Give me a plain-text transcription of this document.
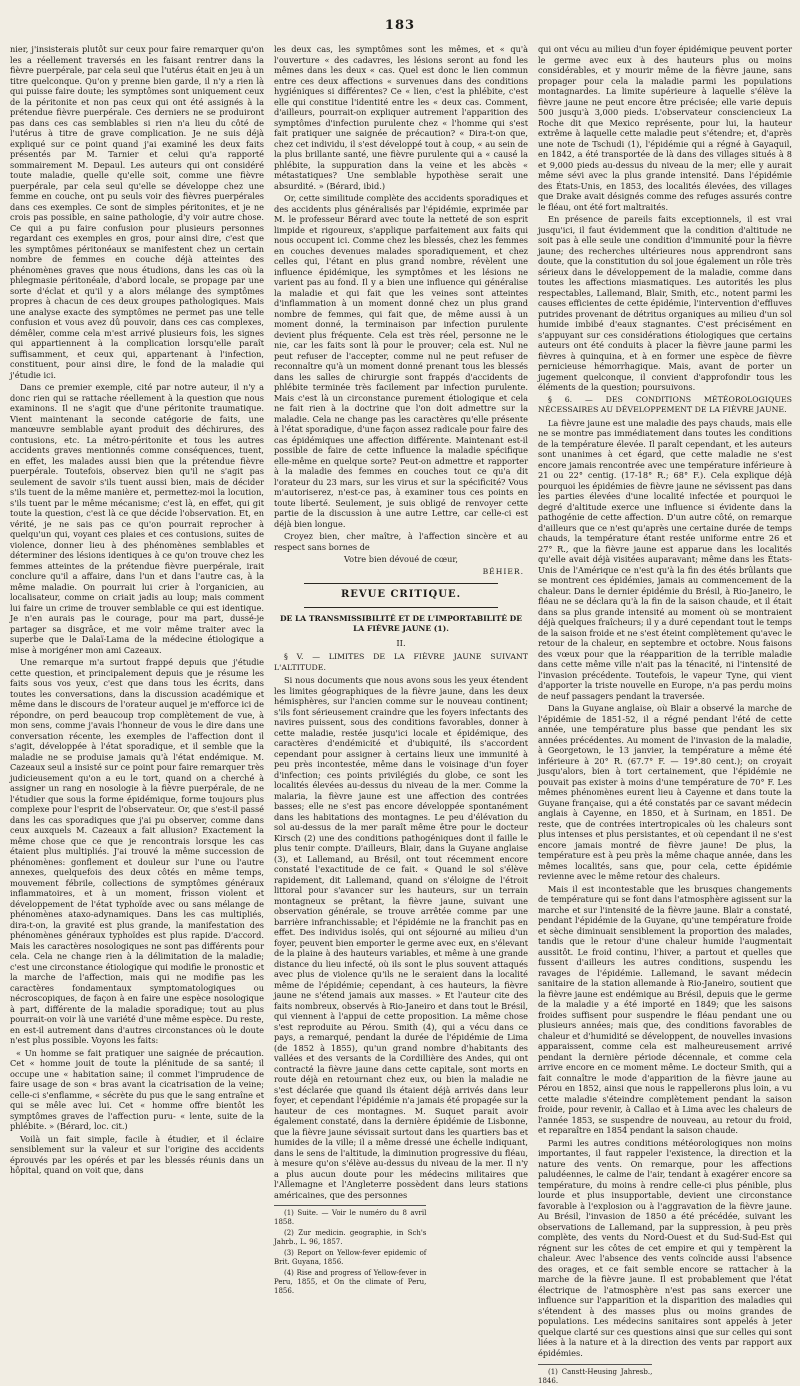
183

nier, j'insisterais plutôt sur ceux pour faire remarquer qu'on les a réellement traversés en les faisant rentrer dans la fièvre puerpérale, par cela seul que l'utérus était en jeu à un titre quelconque. Qu'on y prenne bien garde, il n'y a rien là qui puisse faire doute; les symptômes sont uniquement ceux de la péritonite et non pas ceux qui ont été assignés à la prétendue fièvre puerpérale. Ces derniers ne se produiront pas dans ces cas semblables si rien n'a lieu du côté de l'utérus à titre de grave complication. Je ne suis déjà expliqué sur ce point quand j'ai examiné les deux faits présentés par M. Tarnier et celui qu'a rapporté sommairement M. Depaul. Les auteurs qui ont considéré toute maladie, quelle qu'elle soit, comme une fièvre puerpérale, par cela seul qu'elle se développe chez une femme en couche, ont pu seuls voir des fièvres puerpérales dans ces exemples. Ce sont de simples péritonites, et je ne crois pas possible, en saine pathologie, d'y voir autre chose. Ce qui a pu faire confusion pour plusieurs personnes regardant ces exemples en gros, pour ainsi dire, c'est que les symptômes péritonéaux se manifestent chez un certain nombre de femmes en couche déjà atteintes des phénomènes graves que nous étudions, dans les cas où la phlegmasie péritonéale, d'abord locale, se propage par une sorte d'éclat et qu'il y a alors mélange des symptômes propres à chacun de ces deux groupes pathologiques. Mais une analyse exacte des symptômes ne permet pas une telle confusion et vous avez dû pouvoir, dans ces cas complexes, démêler, comme cela m'est arrivé plusieurs fois, les signes qui appartiennent à la complication lorsqu'elle paraît suffisamment, et ceux qui, appartenant à l'infection, constituent, pour ainsi dire, le fond de la maladie qui j'étudie ici.

Dans ce premier exemple, cité par notre auteur, il n'y a donc rien qui se rattache réellement à la question que nous examinons. Il ne s'agit que d'une péritonite traumatique. Vient maintenant la seconde catégorie de faits, une manœuvre semblable ayant produit des déchirures, des contusions, etc. La métro-péritonite et tous les autres accidents graves mentionnés comme conséquences, tuent, en effet, les malades aussi bien que la prétendue fièvre puerpérale. Toutefois, observez bien qu'il ne s'agit pas seulement de savoir s'ils tuent aussi bien, mais de décider s'ils tuent de la même manière et, permettez-moi la locution, s'ils tuent par le même mécanisme; c'est là, en effet, qui git toute la question, c'est là ce que décide l'observation. Et, en vérité, je ne sais pas ce qu'on pourrait reprocher à quelqu'un qui, voyant ces plaies et ces contusions, suites de violence, donner lieu à des phénomènes semblables et déterminer des lésions identiques à ce qu'on trouve chez les femmes atteintes de la prétendue fièvre puerpérale, irait conclure qu'il a affaire, dans l'un et dans l'autre cas, à la même maladie. On pourrait lui crier à l'organicien, au localisateur, comme on criait jadis au loup; mais comment lui faire un crime de trouver semblable ce qui est identique. Je n'en aurais pas le courage, pour ma part, dussé-je partager sa disgrâce, et me voir même traiter avec la superbe que le Dalaï-Lama de la médecine étiologique a mise à morigéner mon ami Cazeaux.

Une remarque m'a surtout frappé depuis que j'étudie cette question, et principalement depuis que je résume les faits sous vos yeux, c'est que dans tous les écrits, dans toutes les conversations, dans la discussion académique et même dans le discours de l'orateur auquel je m'efforce ici de répondre, on perd beaucoup trop complètement de vue, à mon sens, comme j'avais l'honneur de vous le dire dans une conversation récente, les exemples de l'affection dont il s'agit, développée à l'état sporadique, et il semble que la maladie ne se produise jamais qu'à l'état endémique. M. Cazeaux seul a insisté sur ce point pour faire remarquer très judicieusement qu'on a eu le tort, quand on a cherché à assigner un rang en nosologie à la fièvre puerpérale, de ne l'étudier que sous la forme épidémique, forme toujours plus complexe pour l'esprit de l'observateur. Or, que s'est-il passé dans les cas sporadiques que j'ai pu observer, comme dans ceux auxquels M. Cazeaux a fait allusion? Exactement la même chose que ce que je rencontrais lorsque les cas étaient plus multipliés. J'ai trouvé la même succession de phénomènes: gonflement et douleur sur l'une ou l'autre annexes, quelquefois des deux côtés en même temps, mouvement fébrile, collections de symptômes généraux inflammatoires, et à un moment, frisson violent et développement de l'état typhoïde avec ou sans mélange de phénomènes ataxo-adynamiques. Dans les cas multipliés, dira-t-on, la gravité est plus grande, la manifestation des phénomènes généraux typhoïdes est plus rapide. D'accord. Mais les caractères nosologiques ne sont pas différents pour cela. Cela ne change rien à la délimitation de la maladie; c'est une circonstance étiologique qui modifie le pronostic et la marche de l'affection, mais qui ne modifie pas les caractères fondamentaux symptomatologiques ou nécroscopiques, de façon à en faire une espèce nosologique à part, différente de la maladie sporadique; tout au plus pourrait-on voir là une variété d'une même espèce. Du reste, en est-il autrement dans d'autres circonstances où le doute n'est plus possible. Voyons les faits:

« Un homme se fait pratiquer une saignée de précaution. Cet « homme jouit de toute la plénitude de sa santé; il occupe une « habitation saine; il commet l'imprudence de faire usage de son « bras avant la cicatrisation de la veine; celle-ci s'enflamme, « sécrète du pus que le sang entraîne et qui se mêle avec lui. Cet « homme offre bientôt les symptômes graves de l'affection puru- « lente, suite de la phlébite. » (Bérard, loc. cit.)

Voilà un fait simple, facile à étudier, et il éclaire sensiblement sur la valeur et sur l'origine des accidents éprouvés par les opérés et par les blessés réunis dans un hôpital, quand on voit que, dans

les deux cas, les symptômes sont les mêmes, et « qu'à l'ouverture « des cadavres, les lésions seront au fond les mêmes dans les deux « cas. Quel est donc le lien commun entre ces deux affections « survenues dans des conditions hygiéniques si différentes? Ce « lien, c'est la phlébite, c'est elle qui constitue l'identité entre les « deux cas. Comment, d'ailleurs, pourrait-on expliquer autrement l'apparition des symptômes d'infection purulente chez « l'homme qui s'est fait pratiquer une saignée de précaution? « Dira-t-on que, chez cet individu, il s'est développé tout à coup, « au sein de la plus brillante santé, une fièvre purulente qui a « causé la phlébite, la suppuration dans la veine et les abcès « métastatiques? Une semblable hypothèse serait une absurdité. » (Bérard, ibid.)

Or, cette similitude complète des accidents sporadiques et des accidents plus généralisés par l'épidémie, exprimée par M. le professeur Bérard avec toute la netteté de son esprit limpide et rigoureux, s'applique parfaitement aux faits qui nous occupent ici. Comme chez les blessés, chez les femmes en couches devenues malades sporadiquement, et chez celles qui, l'étant en plus grand nombre, révèlent une influence épidémique, les symptômes et les lésions ne varient pas au fond. Il y a bien une influence qui généralise la maladie et qui fait que les veines sont atteintes d'inflammation à un moment donné chez un plus grand nombre de femmes, qui fait que, de même aussi à un moment donné, la terminaison par infection purulente devient plus fréquente. Cela est très réel, personne ne le nie, car les faits sont là pour le prouver; cela est. Nul ne peut refuser de l'accepter, comme nul ne peut refuser de reconnaître qu'à un moment donné prenant tous les blessés dans les salles de chirurgie sont frappés d'accidents de phlébite terminée très facilement par infection purulente. Mais c'est là un circonstance purement étiologique et cela ne fait rien à la doctrine que l'on doit admettre sur la maladie. Cela ne change pas les caractères qu'elle présente à l'état sporadique, d'une façon assez radicale pour faire des cas épidémiques une affection différente. Maintenant est-il possible de faire de cette influence la maladie spécifique elle-même en quelque sorte? Peut-on admettre et rapporter à la maladie des femmes en couches tout ce qu'a dit l'orateur du 23 mars, sur les virus et sur la spécificité? Vous m'autoriserez, n'est-ce pas, à examiner tous ces points en toute liberté. Seulement, je suis obligé de renvoyer cette partie de la discussion à une autre Lettre, car celle-ci est déjà bien longue.

Croyez bien, cher maître, à l'affection sincère et au respect sans bornes de

Votre bien dévoué de cœur,

BÉHIER.
REVUE CRITIQUE.
DE LA TRANSMISSIBILITÉ ET DE L'IMPORTABILITÉ DE LA FIÈVRE JAUNE (1).
II.

§ V. — LIMITES DE LA FIÈVRE JAUNE SUIVANT L'ALTITUDE.

Si nous documents que nous avons sous les yeux étendent les limites géographiques de la fièvre jaune, dans les deux hémisphères, sur l'ancien comme sur le nouveau continent; s'ils font sérieusement craindre que les foyers infectants des navires puissent, sous des conditions favorables, donner à cette maladie, restée jusqu'ici locale et épidémique, des caractères d'endémicité et d'ubiquité, ils s'accordent cependant pour assigner à certains lieux une immunité à peu près incontestée, même dans le voisinage d'un foyer d'infection; ces points privilégiés du globe, ce sont les localités élevées au-dessus du niveau de la mer. Comme la malaria, la fièvre jaune est une affection des contrées basses; elle ne s'est pas encore développée spontanément dans les habitations des montagnes. Le peu d'élévation du sol au-dessus de la mer paraît même être pour le docteur Kirsch (2) une des conditions pathogéniques dont il faille le plus tenir compte. D'ailleurs, Blair, dans la Guyane anglaise (3), et Lallemand, au Brésil, ont tout récemment encore constaté l'exactitude de ce fait. « Quand le sol s'élève rapidement, dit Lallemand, quand on s'éloigne de l'étroit littoral pour s'avancer sur les hauteurs, sur un terrain montagneux se prêtant, la fièvre jaune, suivant une observation générale, se trouve arrêtée comme par une barrière infranchissable; et l'épidémie ne la franchit pas en effet. Des individus isolés, qui ont séjourné au milieu d'un foyer, peuvent bien emporter le germe avec eux, en s'élevant de la plaine à des hauteurs variables, et même à une grande distance du lieu infecté, où ils sont le plus souvent attaqués avec plus de violence qu'ils ne le seraient dans la localité même de l'épidémie; cependant, à ces hauteurs, la fièvre jaune ne s'étend jamais aux masses. » Et l'auteur cite des faits nombreux, observés à Rio-Janeiro et dans tout le Brésil, qui viennent à l'appui de cette proposition. La même chose s'est reproduite au Pérou. Smith (4), qui a vécu dans ce pays, a remarqué, pendant la durée de l'épidémie de Lima (de 1852 à 1855), qu'un grand nombre d'habitants des vallées et des versants de la Cordillière des Andes, qui ont contracté la fièvre jaune dans cette capitale, sont morts en route déjà en retournant chez eux, ou bien la maladie ne s'est déclarée que quand ils étaient déjà arrivés dans leur foyer, et cependant l'épidémie n'a jamais été propagée sur la hauteur de ces montagnes. M. Suquet parait avoir également constaté, dans la dernière épidémie de Lisbonne, que la fièvre jaune sévissait surtout dans les quartiers bas et humides de la ville; il a même dressé une échelle indiquant, dans le sens de l'altitude, la diminution progressive du fléau, à mesure qu'on s'élève au-dessus du niveau de la mer. Il n'y a plus aucun doute pour les médecins militaires que l'Allemagne et l'Angleterre possèdent dans leurs stations américaines, que des personnes

(1) Suite. — Voir le numéro du 8 avril 1858.

(2) Zur medicin. geographie, in Sch's Jahrb., L. 96, 1857.

(3) Report on Yellow-fever epidemic of Brit. Guyana, 1856.

(4) Rise and progress of Yellow-fever in Peru, 1855, et On the climate of Peru, 1856.

qui ont vécu au milieu d'un foyer épidémique peuvent porter le germe avec eux à des hauteurs plus ou moins considérables, et y mourir même de la fièvre jaune, sans propager pour cela la maladie parmi les populations montagnardes. La limite supérieure à laquelle s'élève la fièvre jaune ne peut encore être précisée; elle varie depuis 500 jusqu'à 3,000 pieds. L'observateur consciencieux La Roche dit que Mexico représente, pour lui, la hauteur extrême à laquelle cette maladie peut s'étendre; et, d'après une note de Tschudi (1), l'épidémie qui a régné à Gayaquil, en 1842, a été transportée de là dans des villages situés à 8 et 9,000 pieds au-dessus du niveau de la mer; elle y aurait même sévi avec la plus grande intensité. Dans l'épidémie des États-Unis, en 1853, des localités élevées, des villages que Drake avait désignés comme des refuges assurés contre le fléau, ont été fort maltraités.

En présence de pareils faits exceptionnels, il est vrai jusqu'ici, il faut évidemment que la condition d'altitude ne soit pas à elle seule une condition d'immunité pour la fièvre jaune; des recherches ultérieures nous apprendront sans doute, que la constitution du sol joue également un rôle très sérieux dans le développement de la maladie, comme dans toutes les affections miasmatiques. Les autorités les plus respectables, Lallemand, Blair, Smith, etc., notent parmi les causes efficientes de cette épidémie, l'intervention d'effluves putrides provenant de détritus organiques au milieu d'un sol humide imbibé d'eaux stagnantes. C'est précisément en s'appuyant sur ces considérations étiologiques que certains auteurs ont été conduits à placer la fièvre jaune parmi les fièvres à quinquina, et à en former une espèce de fièvre pernicieuse hémorrhagique. Mais, avant de porter un jugement quelconque, il convient d'approfondir tous les éléments de la question; poursuivons.

§ 6. — DES CONDITIONS MÉTÉOROLOGIQUES NÉCESSAIRES AU DÉVELOPPEMENT DE LA FIÈVRE JAUNE.

La fièvre jaune est une maladie des pays chauds, mais elle ne se montre pas immédiatement dans toutes les conditions de la température élevée. Il paraît cependant, et les auteurs sont unanimes à cet égard, que cette maladie ne s'est encore jamais rencontrée avec une température inférieure à 21 ou 22° centig. (17-18° R.; 68° F.). Cela explique déjà pourquoi les épidémies de fièvre jaune ne sévissent pas dans les parties élevées d'une localité infectée et pourquoi le degré d'altitude exerce une influence si évidente dans la pathogénie de cette affection. D'un autre côté, on remarque d'ailleurs que ce n'est qu'après une certaine durée de temps chauds, la température étant restée uniforme entre 26 et 27° R., que la fièvre jaune est apparue dans les localités qu'elle avait déjà visitées auparavant; même dans les États-Unis de l'Amérique ce n'est qu'à la fin des étés brûlants que se montrent ces épidémies, jamais au commencement de la chaleur. Dans le dernier épidémie du Brésil, à Rio-Janeiro, le fléau ne se déclara qu'à la fin de la saison chaude, et il était dans sa plus grande intensité au moment où se montraient déjà quelques fraîcheurs; il y a duré cependant tout le temps de la saison froide et ne s'est éteint complètement qu'avec le retour de la chaleur, en septembre et octobre. Nous faisons des vœux pour que la réapparition de la terrible maladie dans cette même ville n'ait pas la ténacité, ni l'intensité de l'invasion précédente. Toutefois, le vapeur Tyne, qui vient d'apporter la triste nouvelle en Europe, n'a pas perdu moins de neuf passagers pendant la traversée.

Dans la Guyane anglaise, où Blair a observé la marche de l'épidémie de 1851-52, il a régné pendant l'été de cette année, une température plus basse que pendant les six années précédentes. Au moment de l'invasion de la maladie, à Georgetown, le 13 janvier, la température a même été inférieure à 20° R. (67.7° F. — 19°.80 cent.); on croyait jusqu'alors, bien à tort certainement, que l'épidémie ne pouvait pas exister à moins d'une température de 70° F. Les mêmes phénomènes eurent lieu à Cayenne et dans toute la Guyane française, qui a été constatés par ce savant médecin anglais à Cayenne, en 1850, et à Surinam, en 1851. De reste, que de contrées intertropicales où les chaleurs sont plus intenses et plus persistantes, et où cependant il ne s'est encore jamais montré de fièvre jaune! De plus, la température est à peu près la même chaque année, dans les mêmes localités, sans que, pour cela, cette épidémie revienne avec le même retour des chaleurs.

Mais il est incontestable que les brusques changements de température qui se font dans l'atmosphère agissent sur la marche et sur l'intensité de la fièvre jaune. Blair a constaté, pendant l'épidémie de la Guyane, qu'une température froide et sèche diminuait sensiblement la proportion des malades, tandis que le retour d'une chaleur humide l'augmentait aussitôt. Le froid continu, l'hiver, a partout et quelles que fussent d'ailleurs les autres conditions, suspendu les ravages de l'épidémie. Lallemand, le savant médecin sanitaire de la station allemande à Rio-Janeiro, soutient que la fièvre jaune est endémique au Brésil, depuis que le germe de la maladie y a été importé en 1849; que les saisons froides suffisent pour suspendre le fléau pendant une ou plusieurs années; mais que, des conditions favorables de chaleur et d'humidité se développent, de nouvelles invasions apparaissent, comme cela est malheureusement arrivé pendant la dernière période décennale, et comme cela arrive encore en ce moment même. Le docteur Smith, qui a fait connaître le mode d'apparition de la fièvre jaune au Pérou en 1852, ainsi que nous le rappellerons plus loin, a vu cette maladie s'éteindre complètement pendant la saison froide, pour revenir, à Callao et à Lima avec les chaleurs de l'année 1853, se suspendre de nouveau, au retour du froid, et reparaître en 1854 pendant la saison chaude.

Parmi les autres conditions météorologiques non moins importantes, il faut rappeler l'existence, la direction et la nature des vents. On remarque, pour les affections paludéennes, le calme de l'air, tendant à exagérer encore sa température, du moins à rendre celle-ci plus pénible, plus lourde et plus insupportable, devient une circonstance favorable à l'explosion ou à l'aggravation de la fièvre jaune. Au Brésil, l'invasion de 1850 a été précédée, suivant les observations de Lallemand, par la suppression, à peu près complète, des vents du Nord-Ouest et du Sud-Sud-Est qui régnent sur les côtes de cet empire et qui y tempèrent la chaleur. Avec l'absence des vents coïncide aussi l'absence des orages, et ce fait semble encore se rattacher à la marche de la fièvre jaune. Il est probablement que l'état électrique de l'atmosphère n'est pas sans exercer une influence sur l'apparition et la disparition des maladies qui s'étendent à des masses plus ou moins grandes de populations. Les médecins sanitaires sont appelés à jeter quelque clarté sur ces questions ainsi que sur celles qui sont liées à la nature et à la direction des vents par rapport aux épidémies.

(1) Canstt-Heusing Jahresb., 1846.
